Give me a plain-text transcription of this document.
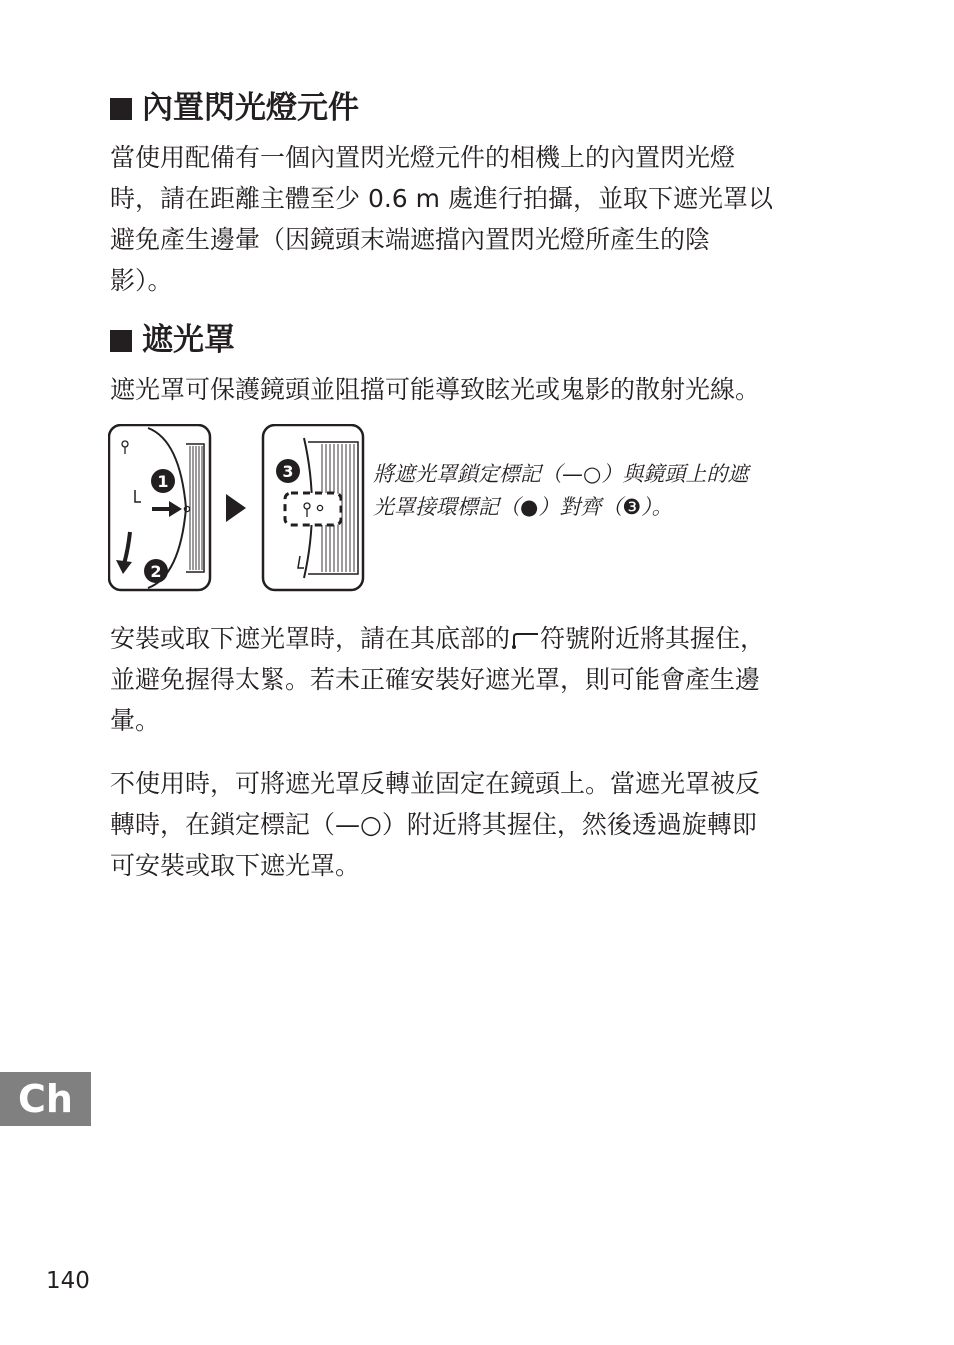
內置閃光燈元件

當使用配備有一個內置閃光燈元件的相機上的內置閃光燈
時，請在距離主體至少 0.6 m 處進行拍攝，並取下遮光罩以
避免產生邊暈（因鏡頭末端遮擋內置閃光燈所產生的陰
影）。

遮光罩

遮光罩可保護鏡頭並阻擋可能導致眩光或鬼影的散射光線。

1
2
3	將遮光罩鎖定標記（—○）與鏡頭上的遮
光罩接環標記（●）對齊（❸）。

安裝或取下遮光罩時，請在其底部的 符號附近將其握住，
並避免握得太緊。若未正確安裝好遮光罩，則可能會產生邊
暈。

不使用時，可將遮光罩反轉並固定在鏡頭上。當遮光罩被反
轉時，在鎖定標記（—○）附近將其握住，然後透過旋轉即
可安裝或取下遮光罩。

Ch
140
